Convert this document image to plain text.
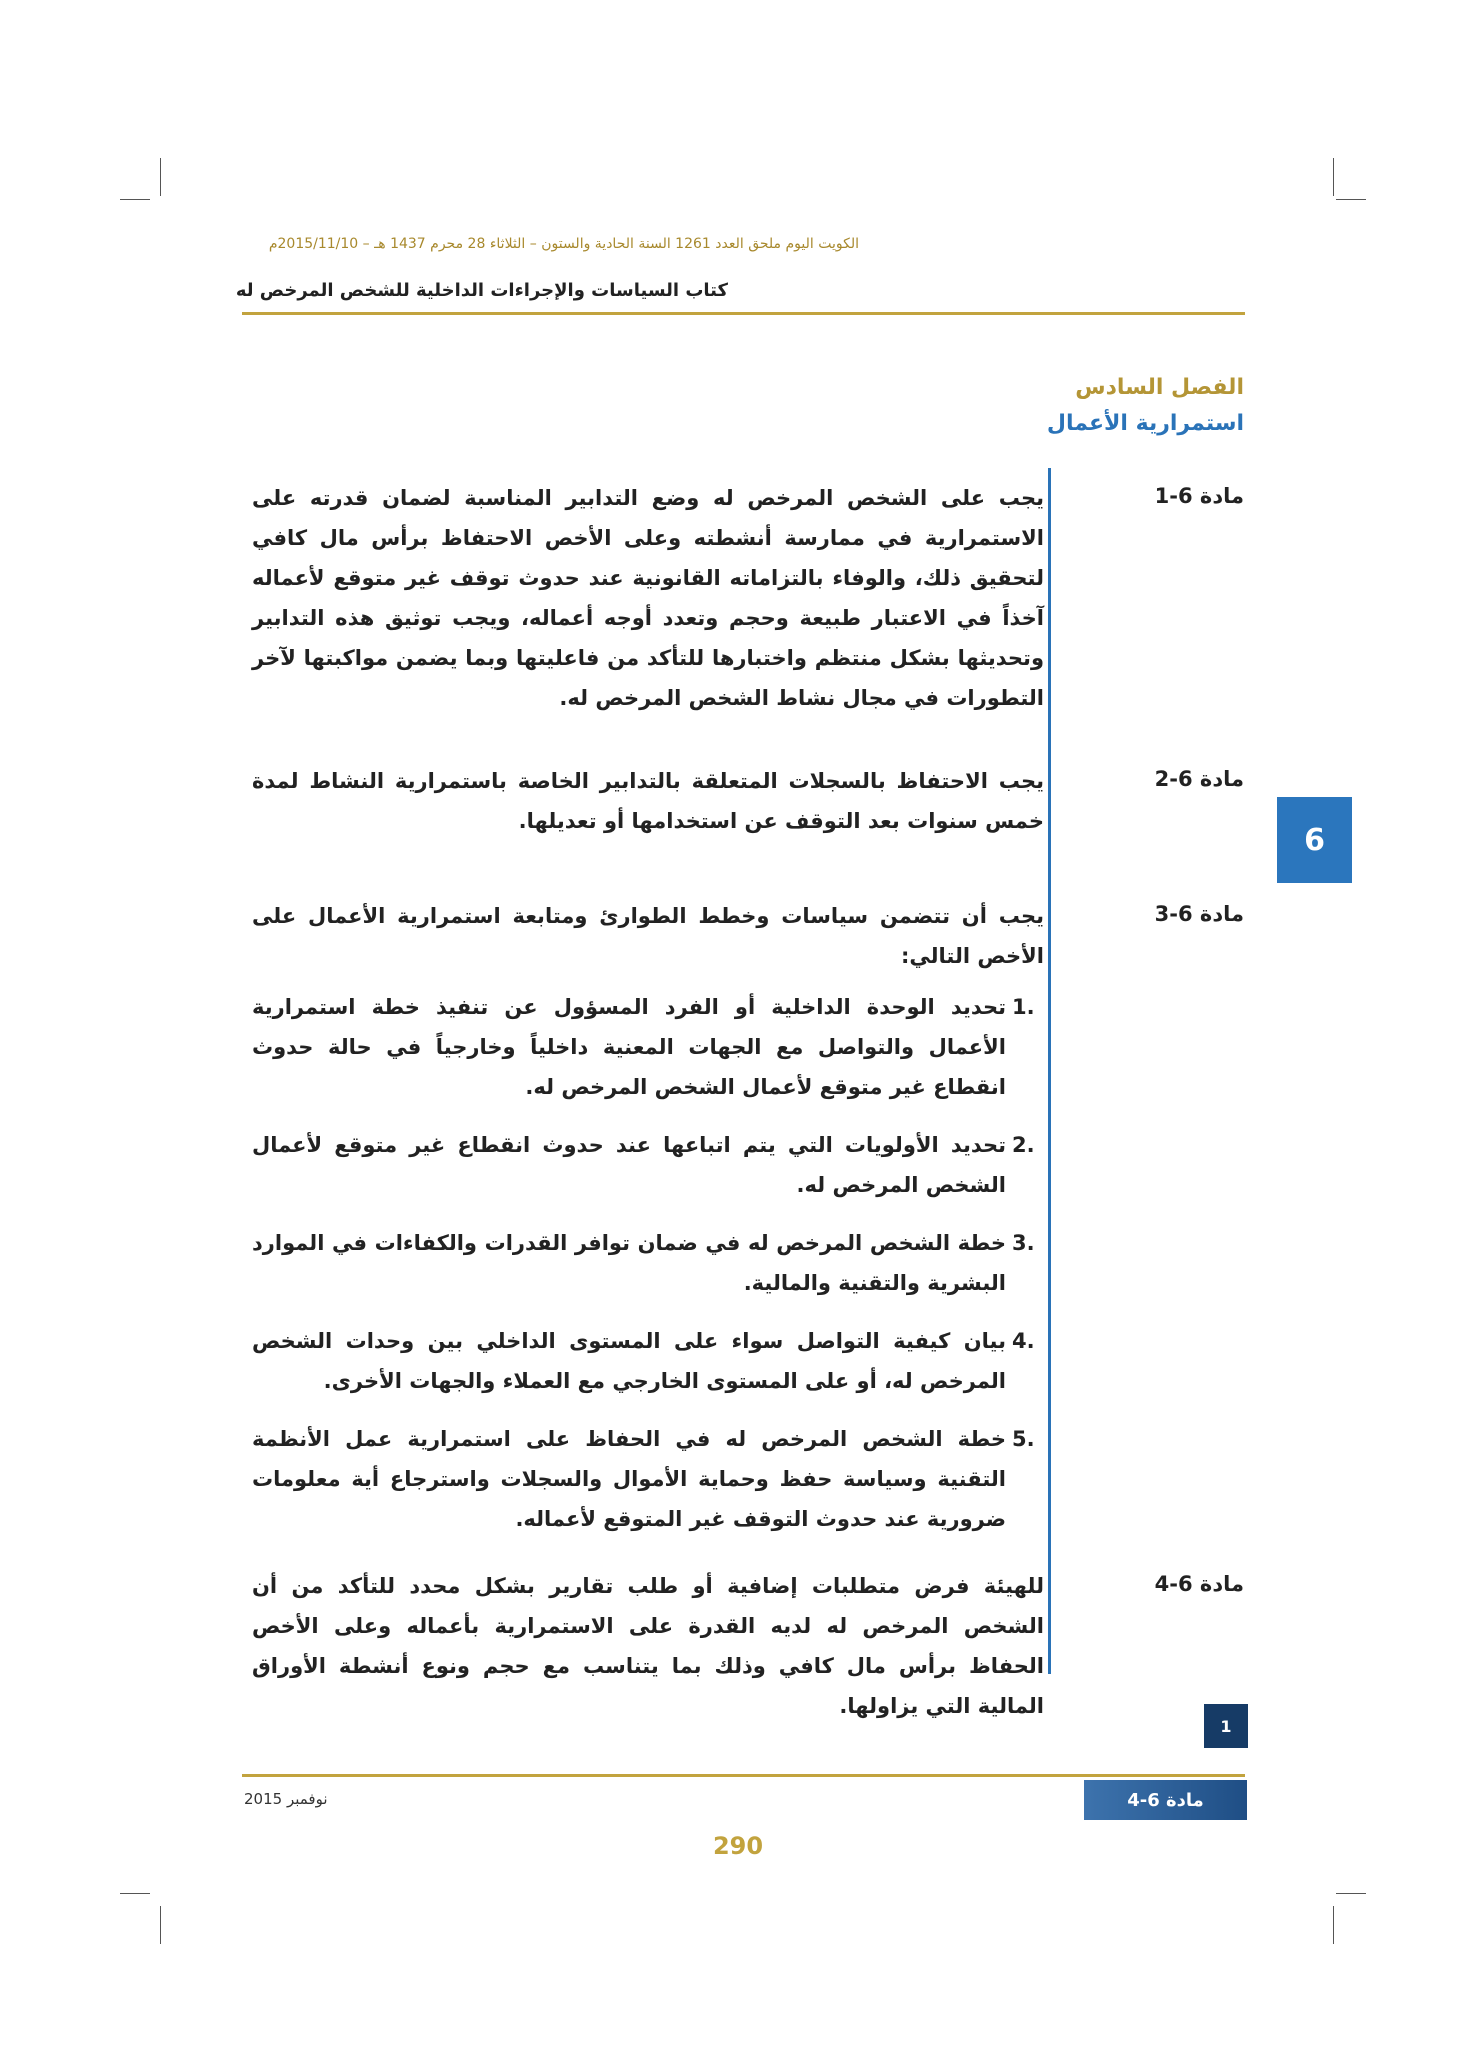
الكويت اليوم ملحق العدد 1261 السنة الحادية والستون – الثلاثاء 28 محرم 1437 هـ – 2015/11/10م
كتاب السياسات والإجراءات الداخلية للشخص المرخص له
الفصل السادس
استمرارية الأعمال
مادة 6-1
يجب على الشخص المرخص له وضع التدابير المناسبة لضمان قدرته على الاستمرارية في ممارسة أنشطته وعلى الأخص الاحتفاظ برأس مال كافي لتحقيق ذلك، والوفاء بالتزاماته القانونية عند حدوث توقف غير متوقع لأعماله آخذاً في الاعتبار طبيعة وحجم وتعدد أوجه أعماله، ويجب توثيق هذه التدابير وتحديثها بشكل منتظم واختبارها للتأكد من فاعليتها وبما يضمن مواكبتها لآخر التطورات في مجال نشاط الشخص المرخص له.
مادة 6-2
يجب الاحتفاظ بالسجلات المتعلقة بالتدابير الخاصة باستمرارية النشاط لمدة خمس سنوات بعد التوقف عن استخدامها أو تعديلها.
مادة 6-3
يجب أن تتضمن سياسات وخطط الطوارئ ومتابعة استمرارية الأعمال على الأخص التالي:
1.
تحديد الوحدة الداخلية أو الفرد المسؤول عن تنفيذ خطة استمرارية الأعمال والتواصل مع الجهات المعنية داخلياً وخارجياً في حالة حدوث انقطاع غير متوقع لأعمال الشخص المرخص له.
2.
تحديد الأولويات التي يتم اتباعها عند حدوث انقطاع غير متوقع لأعمال الشخص المرخص له.
3.
خطة الشخص المرخص له في ضمان توافر القدرات والكفاءات في الموارد البشرية والتقنية والمالية.
4.
بيان كيفية التواصل سواء على المستوى الداخلي بين وحدات الشخص المرخص له، أو على المستوى الخارجي مع العملاء والجهات الأخرى.
5.
خطة الشخص المرخص له في الحفاظ على استمرارية عمل الأنظمة التقنية وسياسة حفظ وحماية الأموال والسجلات واسترجاع أية معلومات ضرورية عند حدوث التوقف غير المتوقع لأعماله.
مادة 6-4
للهيئة فرض متطلبات إضافية أو طلب تقارير بشكل محدد للتأكد من أن الشخص المرخص له لديه القدرة على الاستمرارية بأعماله وعلى الأخص الحفاظ برأس مال كافي وذلك بما يتناسب مع حجم ونوع أنشطة الأوراق المالية التي يزاولها.
6
1
نوفمبر 2015	مادة 6-4
290
